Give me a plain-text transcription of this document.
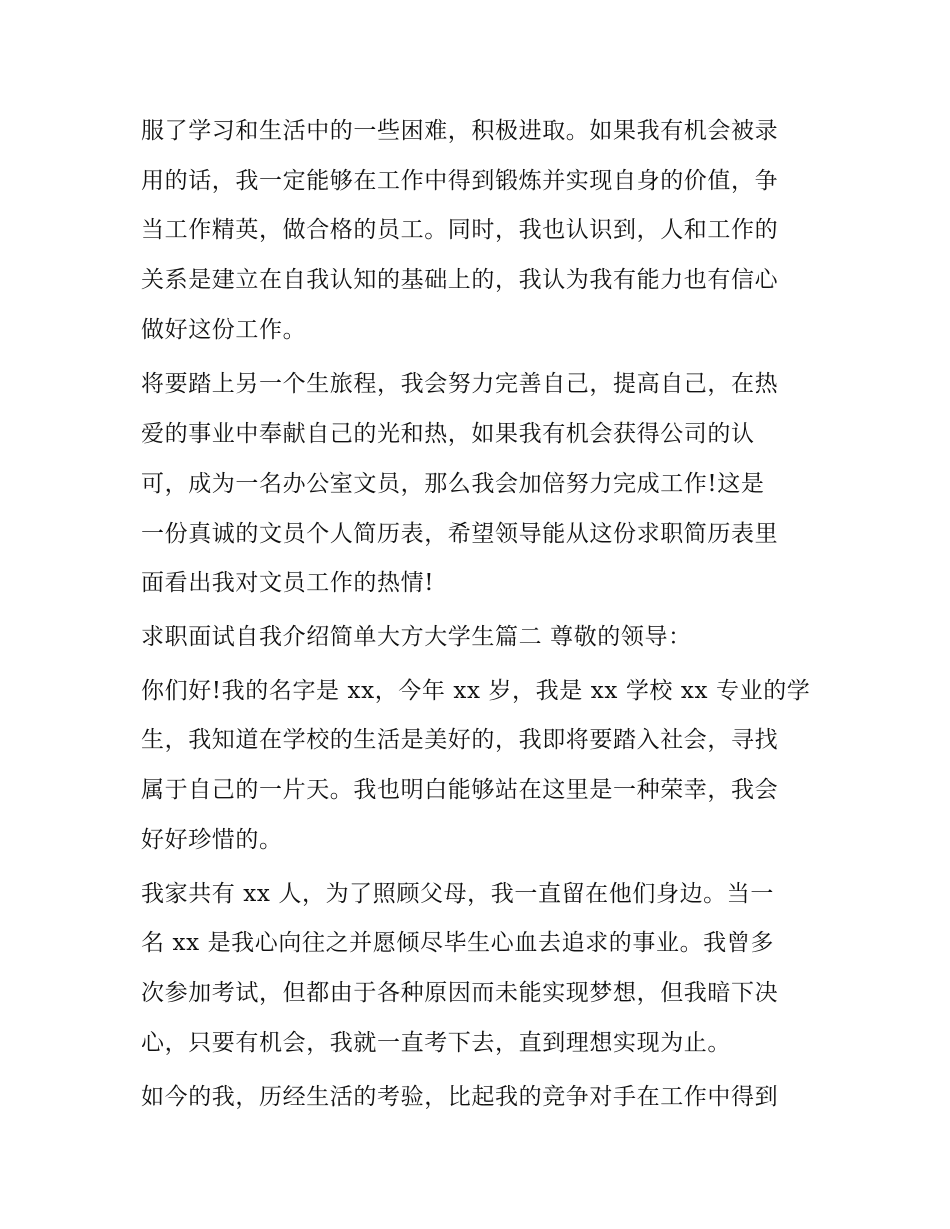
服了学习和生活中的一些困难，积极进取。如果我有机会被录
用的话，我一定能够在工作中得到锻炼并实现自身的价值，争
当工作精英，做合格的员工。同时，我也认识到，人和工作的
关系是建立在自我认知的基础上的，我认为我有能力也有信心
做好这份工作。
将要踏上另一个生旅程，我会努力完善自己，提高自己，在热
爱的事业中奉献自己的光和热，如果我有机会获得公司的认
可，成为一名办公室文员，那么我会加倍努力完成工作!这是
一份真诚的文员个人简历表，希望领导能从这份求职简历表里
面看出我对文员工作的热情!
求职面试自我介绍简单大方大学生篇二 尊敬的领导：
你们好!我的名字是 xx，今年 xx 岁，我是 xx 学校 xx 专业的学
生，我知道在学校的生活是美好的，我即将要踏入社会，寻找
属于自己的一片天。我也明白能够站在这里是一种荣幸，我会
好好珍惜的。
我家共有 xx 人，为了照顾父母，我一直留在他们身边。当一
名 xx 是我心向往之并愿倾尽毕生心血去追求的事业。我曾多
次参加考试，但都由于各种原因而未能实现梦想，但我暗下决
心，只要有机会，我就一直考下去，直到理想实现为止。
如今的我，历经生活的考验，比起我的竞争对手在工作中得到
